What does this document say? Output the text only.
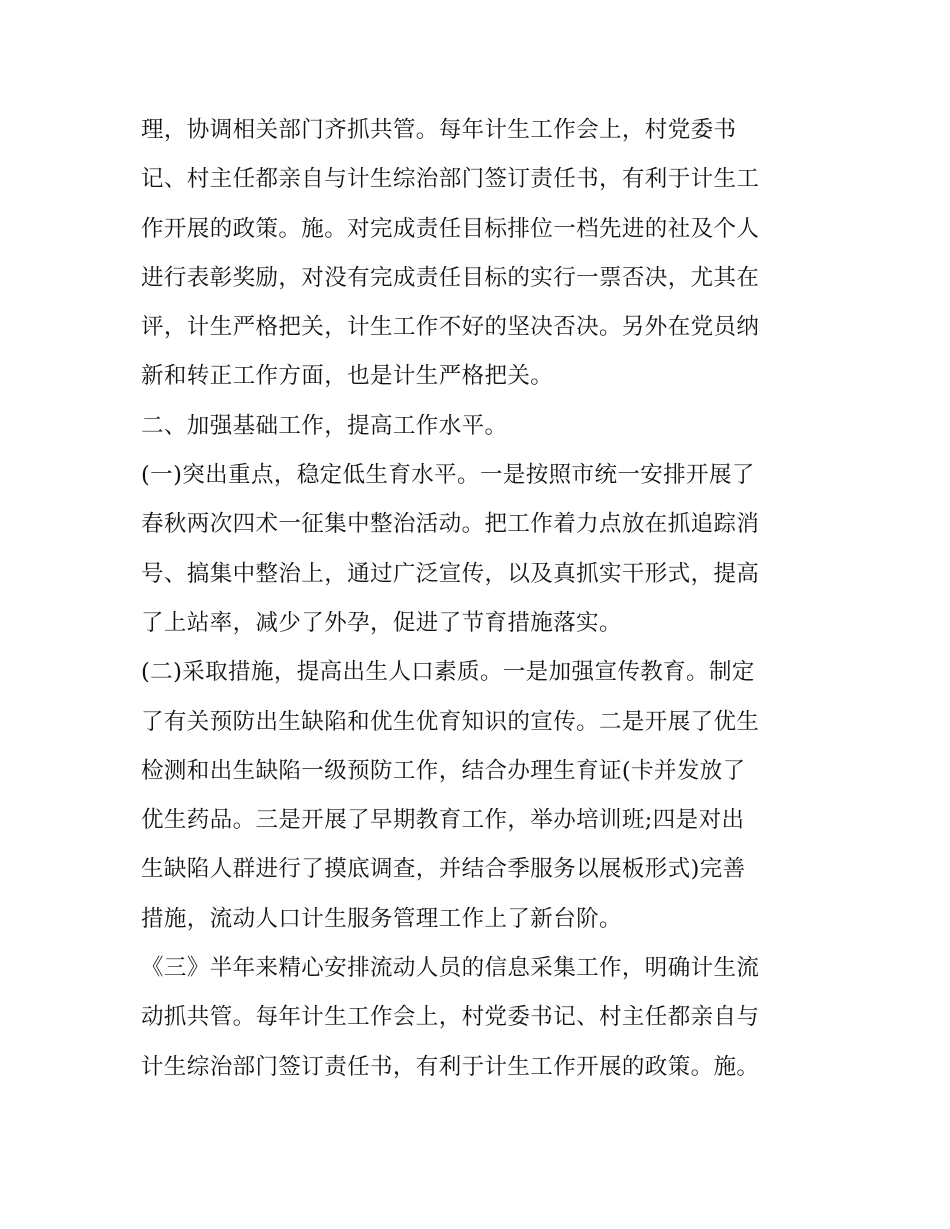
理，协调相关部门齐抓共管。每年计生工作会上，村党委书
记、村主任都亲自与计生综治部门签订责任书，有利于计生工
作开展的政策。施。对完成责任目标排位一档先进的社及个人
进行表彰奖励，对没有完成责任目标的实行一票否决，尤其在
评，计生严格把关，计生工作不好的坚决否决。另外在党员纳
新和转正工作方面，也是计生严格把关。
二、加强基础工作，提高工作水平。
(一)突出重点，稳定低生育水平。一是按照市统一安排开展了
春秋两次四术一征集中整治活动。把工作着力点放在抓追踪消
号、搞集中整治上，通过广泛宣传，以及真抓实干形式，提高
了上站率，减少了外孕，促进了节育措施落实。
(二)采取措施，提高出生人口素质。一是加强宣传教育。制定
了有关预防出生缺陷和优生优育知识的宣传。二是开展了优生
检测和出生缺陷一级预防工作，结合办理生育证(卡并发放了
优生药品。三是开展了早期教育工作，举办培训班;四是对出
生缺陷人群进行了摸底调查，并结合季服务以展板形式)完善
措施，流动人口计生服务管理工作上了新台阶。
《三》半年来精心安排流动人员的信息采集工作，明确计生流
动抓共管。每年计生工作会上，村党委书记、村主任都亲自与
计生综治部门签订责任书，有利于计生工作开展的政策。施。
